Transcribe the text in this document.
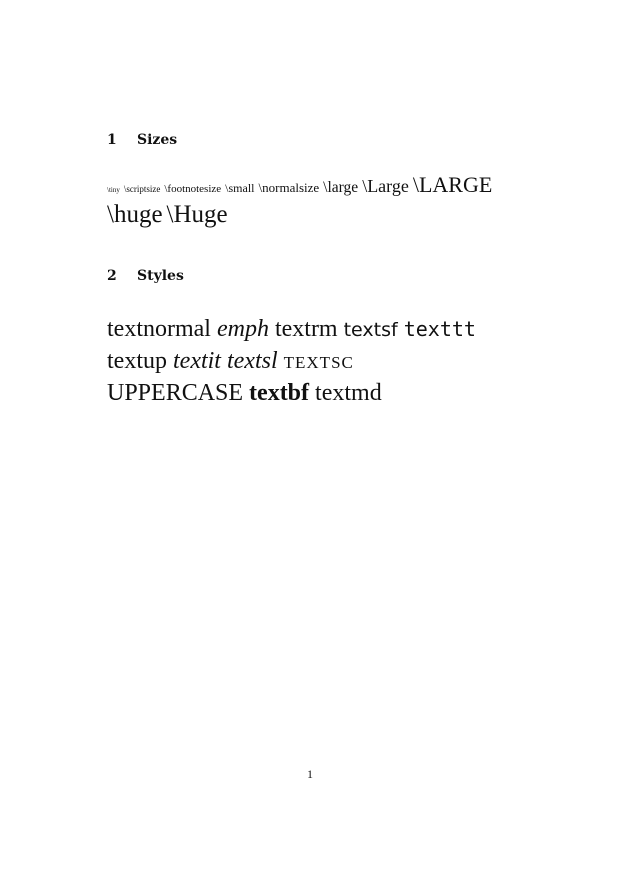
1 Sizes
\tiny \scriptsize \footnotesize \small \normalsize \large \Large \LARGE
\huge \Huge
2 Styles
textnormal emph textrm textsf texttt
textup textit textsl textsc
UPPERCASE textbf textmd
1
